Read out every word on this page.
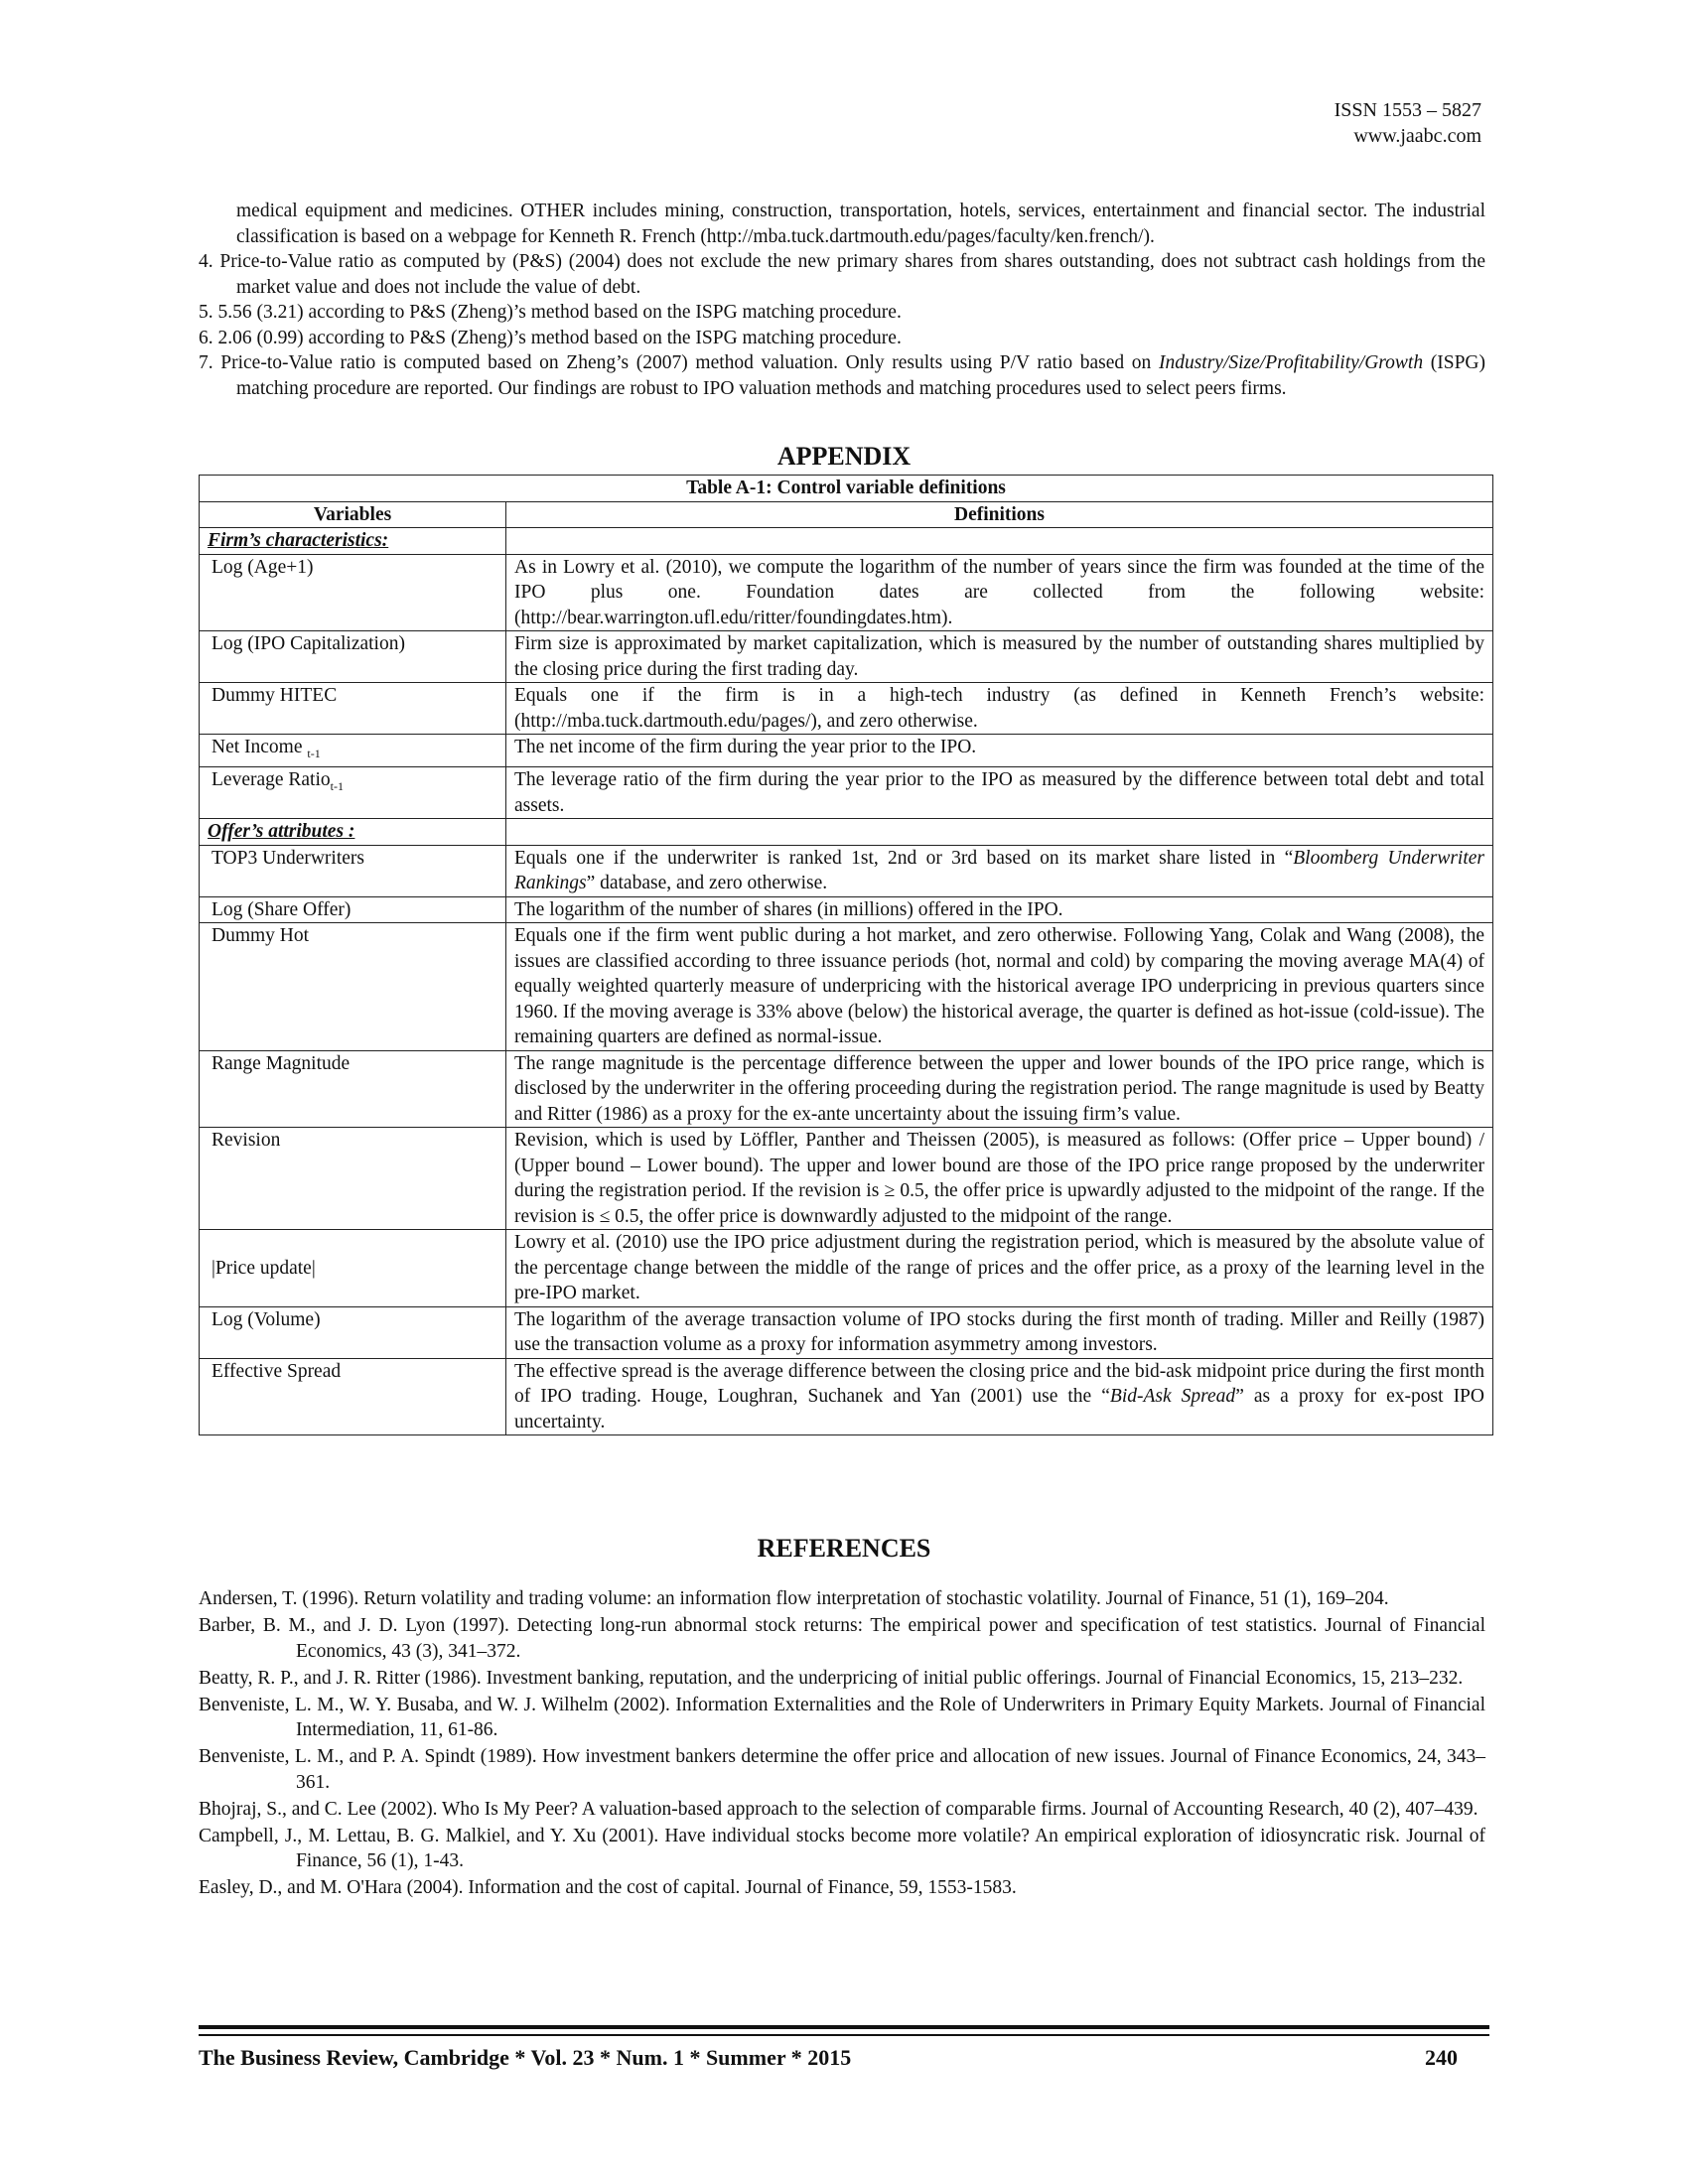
ISSN 1553 – 5827
www.jaabc.com
medical equipment and medicines. OTHER includes mining, construction, transportation, hotels, services, entertainment and financial sector. The industrial classification is based on a webpage for Kenneth R. French (http://mba.tuck.dartmouth.edu/pages/faculty/ken.french/).
4. Price-to-Value ratio as computed by (P&S) (2004) does not exclude the new primary shares from shares outstanding, does not subtract cash holdings from the market value and does not include the value of debt.
5. 5.56 (3.21) according to P&S (Zheng)’s method based on the ISPG matching procedure.
6. 2.06 (0.99) according to P&S (Zheng)’s method based on the ISPG matching procedure.
7. Price-to-Value ratio is computed based on Zheng’s (2007) method valuation. Only results using P/V ratio based on Industry/Size/Profitability/Growth (ISPG) matching procedure are reported. Our findings are robust to IPO valuation methods and matching procedures used to select peers firms.
APPENDIX
Table A-1: Control variable definitions	
Variables	Definitions
Firm’s characteristics:	
Log (Age+1)	As in Lowry et al. (2010), we compute the logarithm of the number of years since the firm was founded at the time of the IPO plus one. Foundation dates are collected from the following website: (http://bear.warrington.ufl.edu/ritter/foundingdates.htm).
Log (IPO Capitalization)	Firm size is approximated by market capitalization, which is measured by the number of outstanding shares multiplied by the closing price during the first trading day.
Dummy HITEC	Equals one if the firm is in a high-tech industry (as defined in Kenneth French’s website: (http://mba.tuck.dartmouth.edu/pages/), and zero otherwise.
Net Income $_{t-1}$	The net income of the firm during the year prior to the IPO.
Leverage Ratio$_{t-1}$	The leverage ratio of the firm during the year prior to the IPO as measured by the difference between total debt and total assets.
Offer’s attributes :	
TOP3 Underwriters	Equals one if the underwriter is ranked 1st, 2nd or 3rd based on its market share listed in “Bloomberg Underwriter Rankings” database, and zero otherwise.
Log (Share Offer)	The logarithm of the number of shares (in millions) offered in the IPO.
Dummy Hot	Equals one if the firm went public during a hot market, and zero otherwise. Following Yang, Colak and Wang (2008), the issues are classified according to three issuance periods (hot, normal and cold) by comparing the moving average MA(4) of equally weighted quarterly measure of underpricing with the historical average IPO underpricing in previous quarters since 1960. If the moving average is 33% above (below) the historical average, the quarter is defined as hot-issue (cold-issue). The remaining quarters are defined as normal-issue.
Range Magnitude	The range magnitude is the percentage difference between the upper and lower bounds of the IPO price range, which is disclosed by the underwriter in the offering proceeding during the registration period. The range magnitude is used by Beatty and Ritter (1986) as a proxy for the ex-ante uncertainty about the issuing firm’s value.
Revision	Revision, which is used by Löffler, Panther and Theissen (2005), is measured as follows: (Offer price – Upper bound) / (Upper bound – Lower bound). The upper and lower bound are those of the IPO price range proposed by the underwriter during the registration period. If the revision is ≥ 0.5, the offer price is upwardly adjusted to the midpoint of the range. If the revision is ≤ 0.5, the offer price is downwardly adjusted to the midpoint of the range.
|Price update|	Lowry et al. (2010) use the IPO price adjustment during the registration period, which is measured by the absolute value of the percentage change between the middle of the range of prices and the offer price, as a proxy of the learning level in the pre-IPO market.
Log (Volume)	The logarithm of the average transaction volume of IPO stocks during the first month of trading. Miller and Reilly (1987) use the transaction volume as a proxy for information asymmetry among investors.
Effective Spread	The effective spread is the average difference between the closing price and the bid-ask midpoint price during the first month of IPO trading. Houge, Loughran, Suchanek and Yan (2001) use the “Bid-Ask Spread” as a proxy for ex-post IPO uncertainty.
REFERENCES
Andersen, T. (1996). Return volatility and trading volume: an information flow interpretation of stochastic volatility. Journal of Finance, 51 (1), 169–204.
Barber, B. M., and J. D. Lyon (1997). Detecting long-run abnormal stock returns: The empirical power and specification of test statistics. Journal of Financial Economics, 43 (3), 341–372.
Beatty, R. P., and J. R. Ritter (1986). Investment banking, reputation, and the underpricing of initial public offerings. Journal of Financial Economics, 15, 213–232.
Benveniste, L. M., W. Y. Busaba, and W. J. Wilhelm (2002). Information Externalities and the Role of Underwriters in Primary Equity Markets. Journal of Financial Intermediation, 11, 61-86.
Benveniste, L. M., and P. A. Spindt (1989). How investment bankers determine the offer price and allocation of new issues. Journal of Finance Economics, 24, 343–361.
Bhojraj, S., and C. Lee (2002). Who Is My Peer? A valuation-based approach to the selection of comparable firms. Journal of Accounting Research, 40 (2), 407–439.
Campbell, J., M. Lettau, B. G. Malkiel, and Y. Xu (2001). Have individual stocks become more volatile? An empirical exploration of idiosyncratic risk. Journal of Finance, 56 (1), 1-43.
Easley, D., and M. O'Hara (2004). Information and the cost of capital. Journal of Finance, 59, 1553-1583.
The Business Review, Cambridge * Vol. 23 * Num. 1 * Summer * 2015	240
